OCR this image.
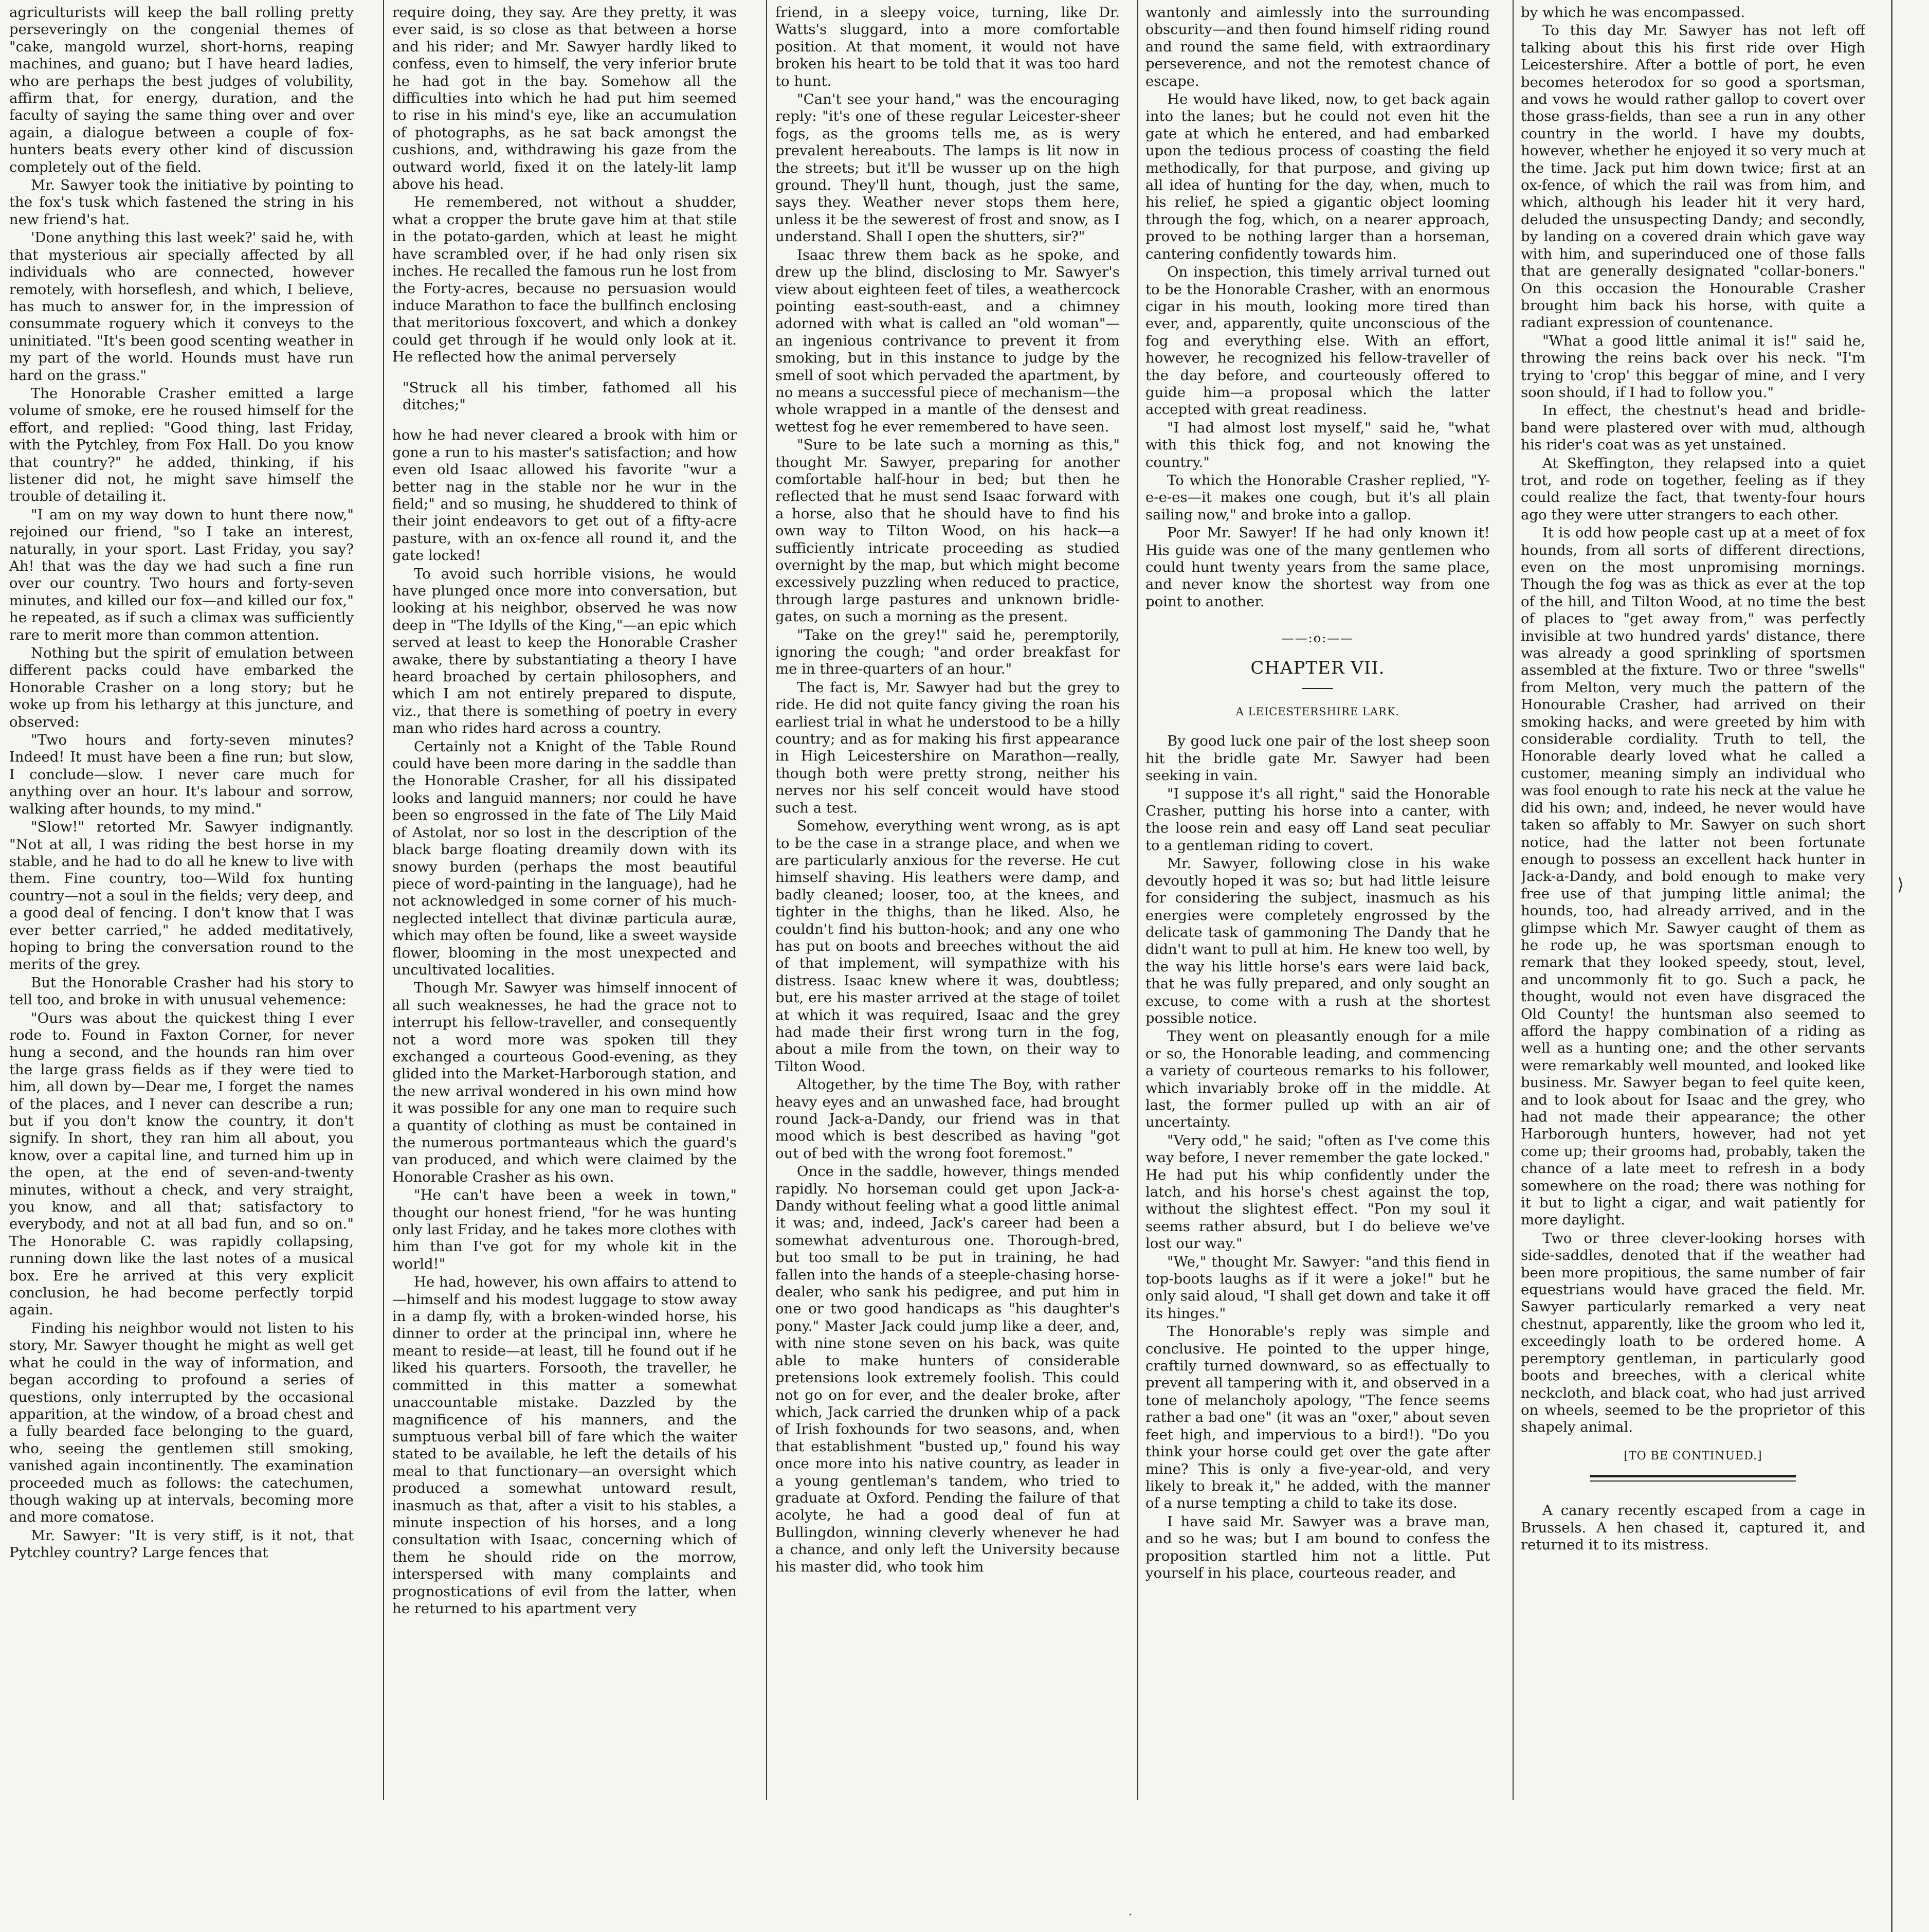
agriculturists will keep the ball rolling pretty perseveringly on the congenial themes of "cake, mangold wurzel, short-horns, reaping machines, and guano; but I have heard ladies, who are perhaps the best judges of volubility, affirm that, for energy, duration, and the faculty of saying the same thing over and over again, a dialogue between a couple of fox-hunters beats every other kind of discussion completely out of the field.

Mr. Sawyer took the initiative by pointing to the fox's tusk which fastened the string in his new friend's hat.

'Done anything this last week?' said he, with that mysterious air specially affected by all individuals who are connected, however remotely, with horseflesh, and which, I believe, has much to answer for, in the impression of consummate roguery which it conveys to the uninitiated. "It's been good scenting weather in my part of the world. Hounds must have run hard on the grass."

The Honorable Crasher emitted a large volume of smoke, ere he roused himself for the effort, and replied: "Good thing, last Friday, with the Pytchley, from Fox Hall. Do you know that country?" he added, thinking, if his listener did not, he might save himself the trouble of detailing it.

"I am on my way down to hunt there now," rejoined our friend, "so I take an interest, naturally, in your sport. Last Friday, you say? Ah! that was the day we had such a fine run over our country. Two hours and forty-seven minutes, and killed our fox—and killed our fox," he repeated, as if such a climax was sufficiently rare to merit more than common attention.

Nothing but the spirit of emulation between different packs could have embarked the Honorable Crasher on a long story; but he woke up from his lethargy at this juncture, and observed:

"Two hours and forty-seven minutes? Indeed! It must have been a fine run; but slow, I conclude—slow. I never care much for anything over an hour. It's labour and sorrow, walking after hounds, to my mind."

"Slow!" retorted Mr. Sawyer indignantly. "Not at all, I was riding the best horse in my stable, and he had to do all he knew to live with them. Fine country, too—Wild fox hunting country—not a soul in the fields; very deep, and a good deal of fencing. I don't know that I was ever better carried," he added meditatively, hoping to bring the conversation round to the merits of the grey.

But the Honorable Crasher had his story to tell too, and broke in with unusual vehemence:

"Ours was about the quickest thing I ever rode to. Found in Faxton Corner, for never hung a second, and the hounds ran him over the large grass fields as if they were tied to him, all down by—Dear me, I forget the names of the places, and I never can describe a run; but if you don't know the country, it don't signify. In short, they ran him all about, you know, over a capital line, and turned him up in the open, at the end of seven-and-twenty minutes, without a check, and very straight, you know, and all that; satisfactory to everybody, and not at all bad fun, and so on." The Honorable C. was rapidly collapsing, running down like the last notes of a musical box. Ere he arrived at this very explicit conclusion, he had become perfectly torpid again.

Finding his neighbor would not listen to his story, Mr. Sawyer thought he might as well get what he could in the way of information, and began according to profound a series of questions, only interrupted by the occasional apparition, at the window, of a broad chest and a fully bearded face belonging to the guard, who, seeing the gentlemen still smoking, vanished again incontinently. The examination proceeded much as follows: the catechumen, though waking up at intervals, becoming more and more comatose.

Mr. Sawyer: "It is very stiff, is it not, that Pytchley country? Large fences that

require doing, they say. Are they pretty, it was ever said, is so close as that between a horse and his rider; and Mr. Sawyer hardly liked to confess, even to himself, the very inferior brute he had got in the bay. Somehow all the difficulties into which he had put him seemed to rise in his mind's eye, like an accumulation of photographs, as he sat back amongst the cushions, and, withdrawing his gaze from the outward world, fixed it on the lately-lit lamp above his head.

He remembered, not without a shudder, what a cropper the brute gave him at that stile in the potato-garden, which at least he might have scrambled over, if he had only risen six inches. He recalled the famous run he lost from the Forty-acres, because no persuasion would induce Marathon to face the bullfinch enclosing that meritorious foxcovert, and which a donkey could get through if he would only look at it. He reflected how the animal perversely

"Struck all his timber, fathomed all his ditches;"

how he had never cleared a brook with him or gone a run to his master's satisfaction; and how even old Isaac allowed his favorite "wur a better nag in the stable nor he wur in the field;" and so musing, he shuddered to think of their joint endeavors to get out of a fifty-acre pasture, with an ox-fence all round it, and the gate locked!

To avoid such horrible visions, he would have plunged once more into conversation, but looking at his neighbor, observed he was now deep in "The Idylls of the King,"—an epic which served at least to keep the Honorable Crasher awake, there by substantiating a theory I have heard broached by certain philosophers, and which I am not entirely prepared to dispute, viz., that there is something of poetry in every man who rides hard across a country.

Certainly not a Knight of the Table Round could have been more daring in the saddle than the Honorable Crasher, for all his dissipated looks and languid manners; nor could he have been so engrossed in the fate of The Lily Maid of Astolat, nor so lost in the description of the black barge floating dreamily down with its snowy burden (perhaps the most beautiful piece of word-painting in the language), had he not acknowledged in some corner of his much-neglected intellect that divinæ particula auræ, which may often be found, like a sweet wayside flower, blooming in the most unexpected and uncultivated localities.

Though Mr. Sawyer was himself innocent of all such weaknesses, he had the grace not to interrupt his fellow-traveller, and consequently not a word more was spoken till they exchanged a courteous Good-evening, as they glided into the Market-Harborough station, and the new arrival wondered in his own mind how it was possible for any one man to require such a quantity of clothing as must be contained in the numerous portmanteaus which the guard's van produced, and which were claimed by the Honorable Crasher as his own.

"He can't have been a week in town," thought our honest friend, "for he was hunting only last Friday, and he takes more clothes with him than I've got for my whole kit in the world!"

He had, however, his own affairs to attend to—himself and his modest luggage to stow away in a damp fly, with a broken-winded horse, his dinner to order at the principal inn, where he meant to reside—at least, till he found out if he liked his quarters. Forsooth, the traveller, he committed in this matter a somewhat unaccountable mistake. Dazzled by the magnificence of his manners, and the sumptuous verbal bill of fare which the waiter stated to be available, he left the details of his meal to that functionary—an oversight which produced a somewhat untoward result, inasmuch as that, after a visit to his stables, a minute inspection of his horses, and a long consultation with Isaac, concerning which of them he should ride on the morrow, interspersed with many complaints and prognostications of evil from the latter, when he returned to his apartment very

friend, in a sleepy voice, turning, like Dr. Watts's sluggard, into a more comfortable position. At that moment, it would not have broken his heart to be told that it was too hard to hunt.

"Can't see your hand," was the encouraging reply: "it's one of these regular Leicester-sheer fogs, as the grooms tells me, as is wery prevalent hereabouts. The lamps is lit now in the streets; but it'll be wusser up on the high ground. They'll hunt, though, just the same, says they. Weather never stops them here, unless it be the sewerest of frost and snow, as I understand. Shall I open the shutters, sir?"

Isaac threw them back as he spoke, and drew up the blind, disclosing to Mr. Sawyer's view about eighteen feet of tiles, a weathercock pointing east-south-east, and a chimney adorned with what is called an "old woman"—an ingenious contrivance to prevent it from smoking, but in this instance to judge by the smell of soot which pervaded the apartment, by no means a successful piece of mechanism—the whole wrapped in a mantle of the densest and wettest fog he ever remembered to have seen.

"Sure to be late such a morning as this," thought Mr. Sawyer, preparing for another comfortable half-hour in bed; but then he reflected that he must send Isaac forward with a horse, also that he should have to find his own way to Tilton Wood, on his hack—a sufficiently intricate proceeding as studied overnight by the map, but which might become excessively puzzling when reduced to practice, through large pastures and unknown bridle-gates, on such a morning as the present.

"Take on the grey!" said he, peremptorily, ignoring the cough; "and order breakfast for me in three-quarters of an hour."

The fact is, Mr. Sawyer had but the grey to ride. He did not quite fancy giving the roan his earliest trial in what he understood to be a hilly country; and as for making his first appearance in High Leicestershire on Marathon—really, though both were pretty strong, neither his nerves nor his self conceit would have stood such a test.

Somehow, everything went wrong, as is apt to be the case in a strange place, and when we are particularly anxious for the reverse. He cut himself shaving. His leathers were damp, and badly cleaned; looser, too, at the knees, and tighter in the thighs, than he liked. Also, he couldn't find his button-hook; and any one who has put on boots and breeches without the aid of that implement, will sympathize with his distress. Isaac knew where it was, doubtless; but, ere his master arrived at the stage of toilet at which it was required, Isaac and the grey had made their first wrong turn in the fog, about a mile from the town, on their way to Tilton Wood.

Altogether, by the time The Boy, with rather heavy eyes and an unwashed face, had brought round Jack-a-Dandy, our friend was in that mood which is best described as having "got out of bed with the wrong foot foremost."

Once in the saddle, however, things mended rapidly. No horseman could get upon Jack-a-Dandy without feeling what a good little animal it was; and, indeed, Jack's career had been a somewhat adventurous one. Thorough-bred, but too small to be put in training, he had fallen into the hands of a steeple-chasing horse-dealer, who sank his pedigree, and put him in one or two good handicaps as "his daughter's pony." Master Jack could jump like a deer, and, with nine stone seven on his back, was quite able to make hunters of considerable pretensions look extremely foolish. This could not go on for ever, and the dealer broke, after which, Jack carried the drunken whip of a pack of Irish foxhounds for two seasons, and, when that establishment "busted up," found his way once more into his native country, as leader in a young gentleman's tandem, who tried to graduate at Oxford. Pending the failure of that acolyte, he had a good deal of fun at Bullingdon, winning cleverly whenever he had a chance, and only left the University because his master did, who took him

wantonly and aimlessly into the surrounding obscurity—and then found himself riding round and round the same field, with extraordinary perseverence, and not the remotest chance of escape.

He would have liked, now, to get back again into the lanes; but he could not even hit the gate at which he entered, and had embarked upon the tedious process of coasting the field methodically, for that purpose, and giving up all idea of hunting for the day, when, much to his relief, he spied a gigantic object looming through the fog, which, on a nearer approach, proved to be nothing larger than a horseman, cantering confidently towards him.

On inspection, this timely arrival turned out to be the Honorable Crasher, with an enormous cigar in his mouth, looking more tired than ever, and, apparently, quite unconscious of the fog and everything else. With an effort, however, he recognized his fellow-traveller of the day before, and courteously offered to guide him—a proposal which the latter accepted with great readiness.

"I had almost lost myself," said he, "what with this thick fog, and not knowing the country."

To which the Honorable Crasher replied, "Y-e-e-es—it makes one cough, but it's all plain sailing now," and broke into a gallop.

Poor Mr. Sawyer! If he had only known it! His guide was one of the many gentlemen who could hunt twenty years from the same place, and never know the shortest way from one point to another.

——:o:——
CHAPTER VII.
A LEICESTERSHIRE LARK.

By good luck one pair of the lost sheep soon hit the bridle gate Mr. Sawyer had been seeking in vain.

"I suppose it's all right," said the Honorable Crasher, putting his horse into a canter, with the loose rein and easy off Land seat peculiar to a gentleman riding to covert.

Mr. Sawyer, following close in his wake devoutly hoped it was so; but had little leisure for considering the subject, inasmuch as his energies were completely engrossed by the delicate task of gammoning The Dandy that he didn't want to pull at him. He knew too well, by the way his little horse's ears were laid back, that he was fully prepared, and only sought an excuse, to come with a rush at the shortest possible notice.

They went on pleasantly enough for a mile or so, the Honorable leading, and commencing a variety of courteous remarks to his follower, which invariably broke off in the middle. At last, the former pulled up with an air of uncertainty.

"Very odd," he said; "often as I've come this way before, I never remember the gate locked." He had put his whip confidently under the latch, and his horse's chest against the top, without the slightest effect. "Pon my soul it seems rather absurd, but I do believe we've lost our way."

"We," thought Mr. Sawyer: "and this fiend in top-boots laughs as if it were a joke!" but he only said aloud, "I shall get down and take it off its hinges."

The Honorable's reply was simple and conclusive. He pointed to the upper hinge, craftily turned downward, so as effectually to prevent all tampering with it, and observed in a tone of melancholy apology, "The fence seems rather a bad one" (it was an "oxer," about seven feet high, and impervious to a bird!). "Do you think your horse could get over the gate after mine? This is only a five-year-old, and very likely to break it," he added, with the manner of a nurse tempting a child to take its dose.

I have said Mr. Sawyer was a brave man, and so he was; but I am bound to confess the proposition startled him not a little. Put yourself in his place, courteous reader, and

by which he was encompassed.

To this day Mr. Sawyer has not left off talking about this his first ride over High Leicestershire. After a bottle of port, he even becomes heterodox for so good a sportsman, and vows he would rather gallop to covert over those grass-fields, than see a run in any other country in the world. I have my doubts, however, whether he enjoyed it so very much at the time. Jack put him down twice; first at an ox-fence, of which the rail was from him, and which, although his leader hit it very hard, deluded the unsuspecting Dandy; and secondly, by landing on a covered drain which gave way with him, and superinduced one of those falls that are generally designated "collar-boners." On this occasion the Honourable Crasher brought him back his horse, with quite a radiant expression of countenance.

"What a good little animal it is!" said he, throwing the reins back over his neck. "I'm trying to 'crop' this beggar of mine, and I very soon should, if I had to follow you."

In effect, the chestnut's head and bridle-band were plastered over with mud, although his rider's coat was as yet unstained.

At Skeffington, they relapsed into a quiet trot, and rode on together, feeling as if they could realize the fact, that twenty-four hours ago they were utter strangers to each other.

It is odd how people cast up at a meet of fox hounds, from all sorts of different directions, even on the most unpromising mornings. Though the fog was as thick as ever at the top of the hill, and Tilton Wood, at no time the best of places to "get away from," was perfectly invisible at two hundred yards' distance, there was already a good sprinkling of sportsmen assembled at the fixture. Two or three "swells" from Melton, very much the pattern of the Honourable Crasher, had arrived on their smoking hacks, and were greeted by him with considerable cordiality. Truth to tell, the Honorable dearly loved what he called a customer, meaning simply an individual who was fool enough to rate his neck at the value he did his own; and, indeed, he never would have taken so affably to Mr. Sawyer on such short notice, had the latter not been fortunate enough to possess an excellent hack hunter in Jack-a-Dandy, and bold enough to make very free use of that jumping little animal; the hounds, too, had already arrived, and in the glimpse which Mr. Sawyer caught of them as he rode up, he was sportsman enough to remark that they looked speedy, stout, level, and uncommonly fit to go. Such a pack, he thought, would not even have disgraced the Old County! the huntsman also seemed to afford the happy combination of a riding as well as a hunting one; and the other servants were remarkably well mounted, and looked like business. Mr. Sawyer began to feel quite keen, and to look about for Isaac and the grey, who had not made their appearance; the other Harborough hunters, however, had not yet come up; their grooms had, probably, taken the chance of a late meet to refresh in a body somewhere on the road; there was nothing for it but to light a cigar, and wait patiently for more daylight.

Two or three clever-looking horses with side-saddles, denoted that if the weather had been more propitious, the same number of fair equestrians would have graced the field. Mr. Sawyer particularly remarked a very neat chestnut, apparently, like the groom who led it, exceedingly loath to be ordered home. A peremptory gentleman, in particularly good boots and breeches, with a clerical white neckcloth, and black coat, who had just arrived on wheels, seemed to be the proprietor of this shapely animal.

[TO BE CONTINUED.]

A canary recently escaped from a cage in Brussels. A hen chased it, captured it, and returned it to its mistress.

⟩
·
